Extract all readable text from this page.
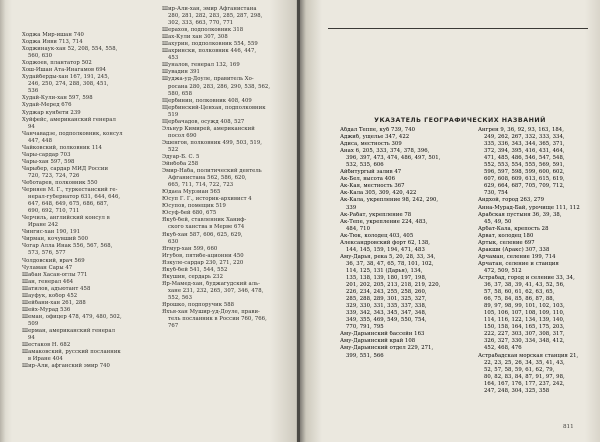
Ходжа Мир-ишан 740
Ходжа Ияви 713, 714
Ходжинаук-хан 52, 208, 554, 558,
560, 630
Ходжоев, плантатор 502
Хош-Ишан Ата-Инагамов 694
Худайберды-хан 167, 191, 245,
246, 250, 274, 288, 308, 451,
536
Худай-Кули-хан 597, 598
Худай-Меред 676
Худжар кунбети 239
Хуйфейс, американский генерал
94
Чанчавадзе, подполковник, консул
447, 448
Чайковский, полковник 114
Чары-сардар 703
Чары-хан 597, 598
Чарыбер, сардар МИД России
720, 723, 724, 726
Чеботарев, полковник 550
Черняев М. Г., туркестанский ге-
нерал-губернатор 631, 644, 646,
647, 648, 649, 675, 686, 687,
690, 692, 710, 711
Черчиль, английский консул в
Иране 242
Чингис-хан 190, 191
Чирман, кочувший 500
Чогар Алла Инак 556, 567, 568,
573, 576, 577
Чолдовский, врач 569
Чуламан Сары 47
Шабан Хасан-оглы 771
Шан, генерал 464
Шатилов, адъютант 458
Шауфук, кобор 452
Шейбани-хан 261, 288
Шейх-Мурад 536
Шеман, офицер 478, 479, 480, 502,
509
Шерман, американский генерал
94
Шестаков Н. 682
Шамаковский, русский посланник
в Иране 404
Шир-Али, афганский эмир 740
Шир-Али-хан, эмир Афганистана
280, 281, 282, 283, 285, 287, 298,
302, 333, 663, 770, 771
Шерахов, подполковник 318
Шах-Кули хан 307, 308
Шахурин, подполковник 554, 559
Шахрински, полковник 446, 447,
453
Шуналов, генерал 132, 169
Шувадин 391
Шуджа-уд-Доуле, правитель Хо-
росана 280, 283, 286, 290, 538, 562,
580, 658
Щербинин, полковник 408, 409
Щербинский-Ценхая, подполковник
519
Щербачадов, осужд 408, 527
Эльнур Кимирей, американский
посол 690
Эшенгов, полковник 499, 503, 519,
522
Эдуар-Б. С. 5
Эйнбоба 258
Эмир-Наба, политический деятель
Афганистана 562, 586, 620,
665, 711, 714, 722, 723
Юдаеа Мурзиан 565
Юсуп Г. Г., историк-архивист 4
Юсупов, помещик 519
Юсуф-бей 680, 675
Якуб-бей, ставленник Ханиф-
ского ханства в Мерве 674
Якуб-хан 587, 606, 625, 629,
630
Ягмур-хан 599, 660
Игубов, пятибе-ационни 450
Язкуле-сардар 230, 271, 220
Якуб-бей 541, 544, 552
Якушин, сердарь 232
Яр-Мамед-хан, буджагудский аль-
хане 231, 232, 265, 307, 346, 478,
552, 563
Ярошко, подпоручик 588
Яхъя-хан Мушир-уд-Доуле, прави-
тель посланник в России 760, 766,
767
УКАЗАТЕЛЬ ГЕОГРАФИЧЕСКИХ НАЗВАНИЙ
Абдал Теппе, куб 739, 740
Аджиб, ущелье 347, 422
Адиса, местность 309
Анах 6, 205, 333, 374, 378, 396,
396, 397, 473, 474, 486, 497, 501,
532, 535, 606
Айбитургый залив 47
Ак-Бел, высота 406
Ак-Кая, местность 367
Ак-Кала 305, 309, 420, 422
Ак-Кала, укрепление 98, 242, 290,
339
Ак-Рабат, укрепление 78
Ак-Тепе, укрепление 224, 483,
484, 710
Ак-Тюк, колодец 403, 405
Александровский форт 62, 138,
144, 145, 159, 194, 471, 483
Аму-Дарья, река 5, 20, 28, 33, 34,
36, 37, 38, 47, 65, 78, 101, 102,
114, 125, 131 (Дарья), 134,
135, 138, 139, 180, 197, 198,
201, 202, 205, 213, 218, 219, 220,
226, 234, 243, 255, 258, 260,
285, 288, 289, 301, 325, 327,
329, 330, 331, 335, 337, 338,
339, 342, 343, 345, 347, 348,
349, 355, 469, 549, 550, 754,
770, 791, 795
Аму-Дарьинский бассейн 163
Аму-Дарьинский край 108
Аму-Дарьинский отдел 229, 271,
399, 551, 566
Ангрен 9, 36, 92, 93, 163, 184,
249, 262, 267, 332, 333, 334,
335, 336, 343, 344, 365, 371,
372, 394, 395, 416, 431, 464,
471, 485, 486, 546, 547, 548,
552, 553, 554, 555, 569, 591,
596, 597, 598, 599, 600, 602,
607, 608, 609, 613, 615, 619,
629, 664, 687, 705, 709, 712,
730, 754
Андхой, город 263, 279
Анна-Мурад-Бай, урочище 111, 112
Арабская пустыня 36, 39, 38,
45, 49, 50
Арбат-Кала, крепость 28
Арват, колодец 180
Артык, селение 697
Аракши (Аракс) 307, 338
Арчаман, селение 199, 714
Арчатан, селение и станция
472, 509, 512
Астрабад, город и селение 33, 34,
36, 37, 38, 39, 41, 43, 52, 56,
57, 58, 60, 61, 62, 63, 65,
66, 75, 84, 85, 86, 87, 88,
89, 97, 98, 99, 101, 102, 103,
105, 106, 107, 108, 109, 110,
114, 116, 122, 134, 139, 140,
150, 158, 164, 165, 175, 203,
222, 227, 303, 307, 308, 317,
326, 327, 330, 334, 348, 412,
452, 468, 476
Астрабадская морская станция 21,
22, 23, 25, 26, 34, 35, 41, 43,
52, 57, 58, 59, 61, 62, 79,
80, 82, 83, 84, 87, 91, 97, 98,
164, 167, 176, 177, 237, 242,
247, 248, 304, 325, 358
811
